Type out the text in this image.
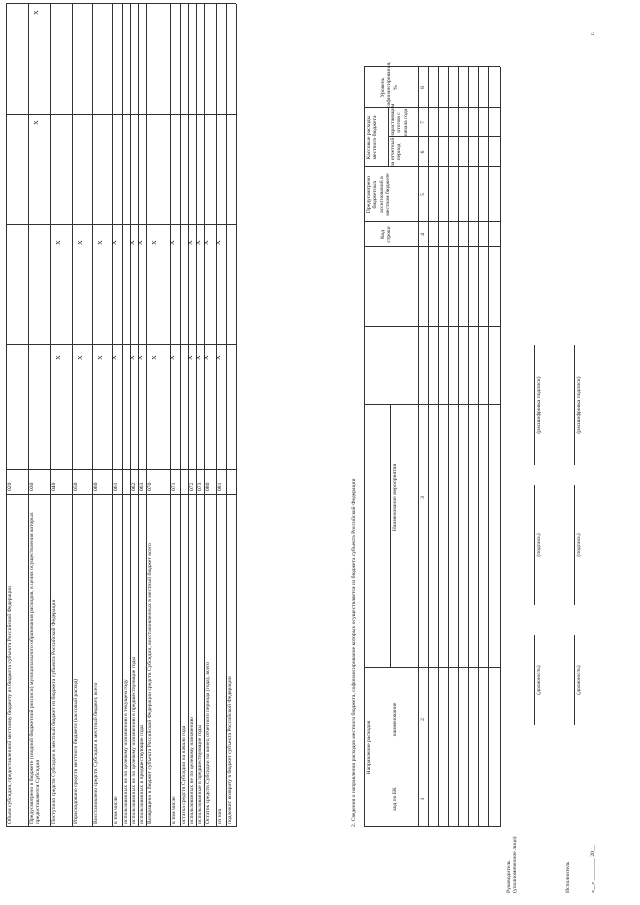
Объем субсидии, предоставленной местному бюджету из бюджета субъекта Российской Федерации
020
Предусмотрено в бюджете (сводной бюджетной росписи) муниципального образования расходов, в целях осуществления которых предоставляется Субсидия
030
X
X
Поступило средств Субсидии в местный бюджет из бюджета субъекта Российской Федерации
040
X
X
Израсходовано средств местного бюджета (кассовый расход)
050
X
X
Восстановлено средств Субсидии в местный бюджет, всего
060
X
X
в том числе
061
X
X
использованных не по целевому назначению в текущем году использованных не по целевому назначению в предшествующие годы
062
X
X
использованных в предшествующие годы
063
X
X
Возвращено в бюджет субъекта Российской Федерации средств Субсидии, восстановленных в местный бюджет всего
070
X
X
в том числе
071
X
X
остатка средств Субсидии на начало года использованных не по целевому назначению
072
X
X
использованные в предшествующие годы
073
X
X
Остаток средств Субсидии на конец отчетного периода (года), всего
080
X
X
из них
081
X
X
подлежит возврату в бюджет субъекта Российской Федерации	2. Сведения о направлении расходов местного бюджета, софинансирование которых осуществляется из бюджета субъекта Российской Федерации Направление расходов
код по БК
наименование
Наименование мероприятия
Код строки
Предусмотрено бюджетных ассигнований в местном бюджете
Кассовые расходы местного бюджета за отчетный период
нарастающим итогом с начала года
Уровень софинансирования, %
1
2
3
4
5
6
7
8
Руководитель (уполномоченное лицо)
(должность)
(подпись)
(расшифровка подписи)
Исполнитель
(должность)
(подпись)
(расшифровка подписи)
«__» ________ 20__
г.
